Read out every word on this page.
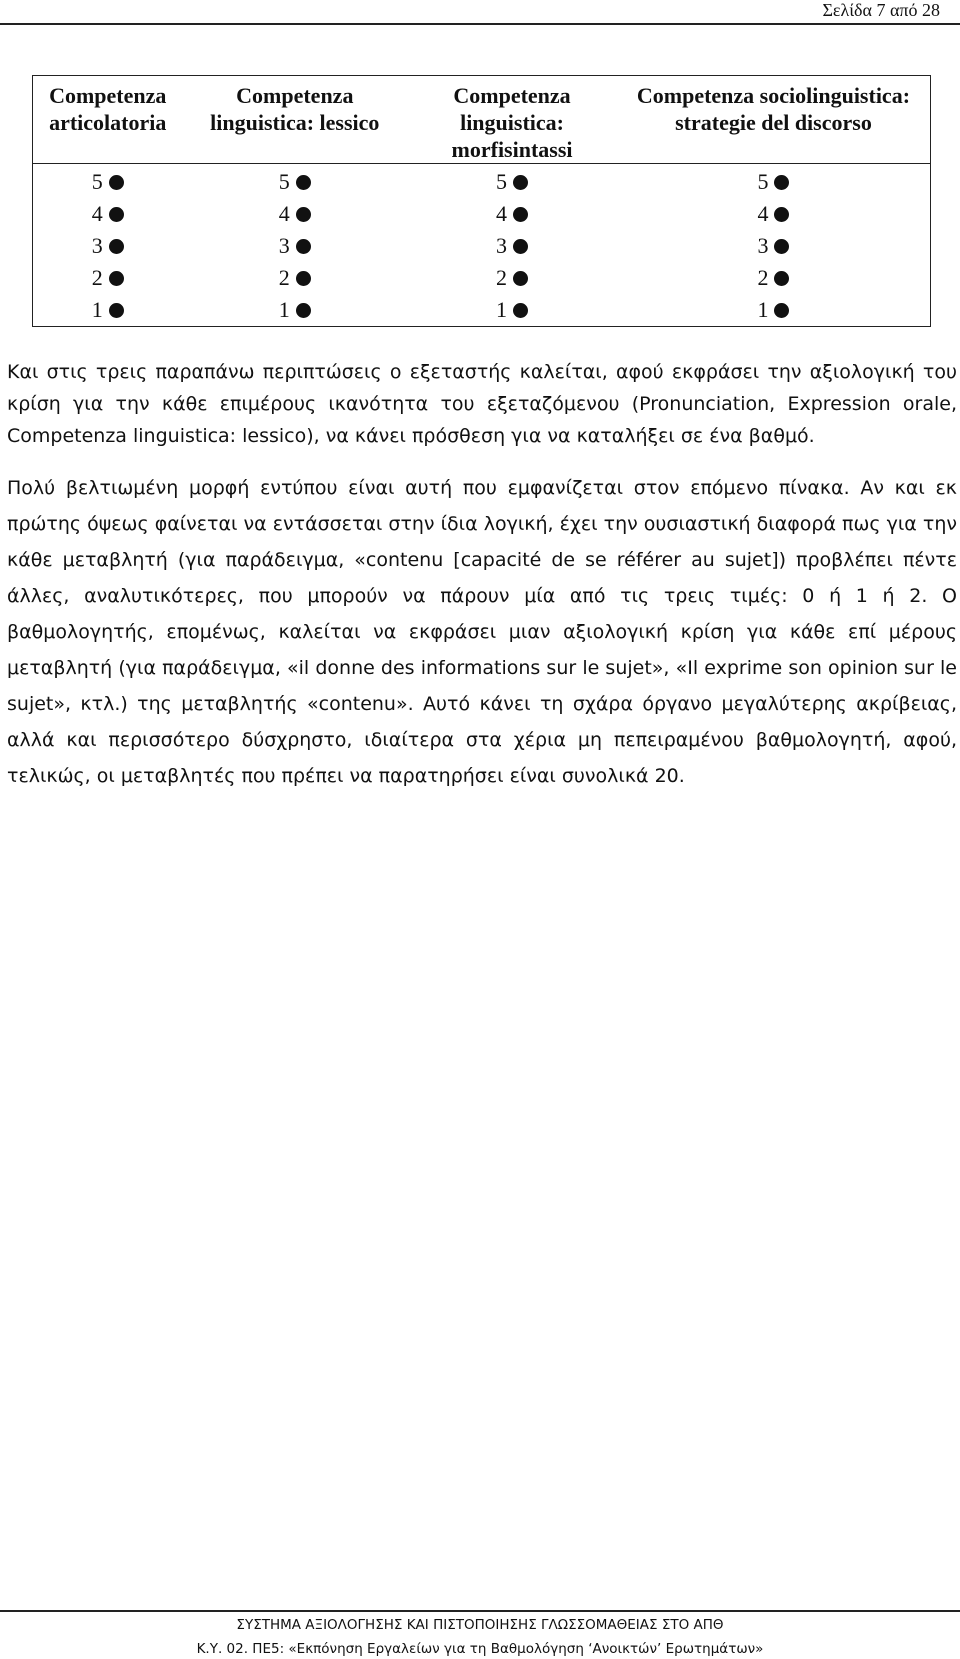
Σελίδα 7 από 28
Competenza articolatoria	Competenza linguistica: lessico	Competenza linguistica: morfisintassi	Competenza sociolinguistica: strategie del discorso
5	5	5	5
4	4	4	4
3	3	3	3
2	2	2	2
1	1	1	1

Και στις τρεις παραπάνω περιπτώσεις ο εξεταστής καλείται, αφού εκφράσει την αξιολογική του κρίση για την κάθε επιμέρους ικανότητα του εξεταζόμενου (Pronunciation, Expression orale, Competenza linguistica: lessico), να κάνει πρόσθεση για να καταλήξει σε ένα βαθμό.

Πολύ βελτιωμένη μορφή εντύπου είναι αυτή που εμφανίζεται στον επόμενο πίνακα. Αν και εκ πρώτης όψεως φαίνεται να εντάσσεται στην ίδια λογική, έχει την ουσιαστική διαφορά πως για την κάθε μεταβλητή (για παράδειγμα, «contenu [capacité de se référer au sujet]) προβλέπει πέντε άλλες, αναλυτικότερες, που μπορούν να πάρουν μία από τις τρεις τιμές: 0 ή 1 ή 2. Ο βαθμολογητής, επομένως, καλείται να εκφράσει μιαν αξιολογική κρίση για κάθε επί μέρους μεταβλητή (για παράδειγμα, «il donne des informations sur le sujet», «Il exprime son opinion sur le sujet», κτλ.) της μεταβλητής «contenu». Αυτό κάνει τη σχάρα όργανο μεγαλύτερης ακρίβειας, αλλά και περισσότερο δύσχρηστο, ιδιαίτερα στα χέρια μη πεπειραμένου βαθμολογητή, αφού, τελικώς, οι μεταβλητές που πρέπει να παρατηρήσει είναι συνολικά 20.

ΣΥΣΤΗΜΑ ΑΞΙΟΛΟΓΗΣΗΣ ΚΑΙ ΠΙΣΤΟΠΟΙΗΣΗΣ ΓΛΩΣΣΟΜΑΘΕΙΑΣ ΣΤΟ ΑΠΘ
Κ.Υ. 02. ΠΕ5: «Εκπόνηση Εργαλείων για τη Βαθμολόγηση ‘Ανοικτών’ Ερωτημάτων»
